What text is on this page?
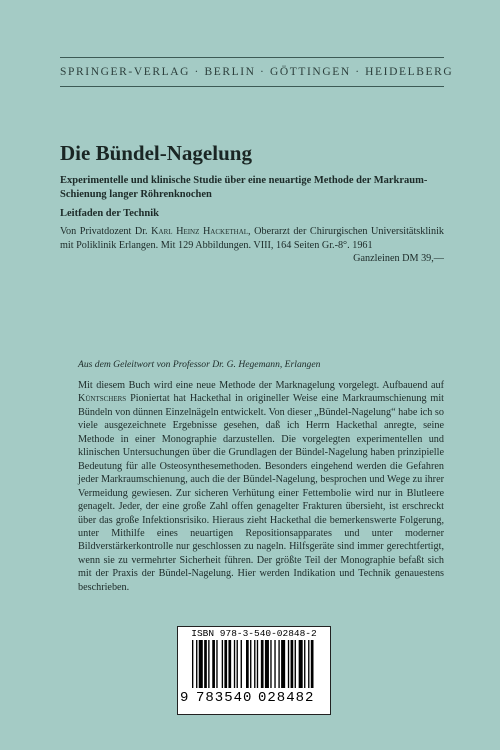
SPRINGER-VERLAG · BERLIN · GÖTTINGEN · HEIDELBERG
Die Bündel-Nagelung
Experimentelle und klinische Studie über eine neuartige Methode der Markraum-Schienung langer Röhrenknochen
Leitfaden der Technik
Von Privatdozent Dr. Karl Heinz Hackethal, Oberarzt der Chirurgischen Universitätsklinik mit Poliklinik Erlangen. Mit 129 Abbildungen. VIII, 164 Seiten Gr.-8°. 1961
Ganzleinen DM 39,—
Aus dem Geleitwort von Professor Dr. G. Hegemann, Erlangen
Mit diesem Buch wird eine neue Methode der Marknagelung vorgelegt. Aufbauend auf Küntschers Pioniertat hat Hackethal in origineller Weise eine Markraumschienung mit Bündeln von dünnen Einzelnägeln entwickelt. Von dieser „Bündel-Nagelung“ habe ich so viele ausgezeichnete Ergebnisse gesehen, daß ich Herrn Hackethal anregte, seine Methode in einer Monographie darzustellen. Die vorgelegten experimentellen und klinischen Untersuchungen über die Grundlagen der Bündel-Nagelung haben prinzipielle Bedeutung für alle Osteosynthesemethoden. Besonders eingehend werden die Gefahren jeder Markraumschienung, auch die der Bündel-Nagelung, besprochen und Wege zu ihrer Vermeidung gewiesen. Zur sicheren Verhütung einer Fettembolie wird nur in Blutleere genagelt. Jeder, der eine große Zahl offen genagelter Frakturen übersieht, ist erschreckt über das große Infektionsrisiko. Hieraus zieht Hackethal die bemerkenswerte Folgerung, unter Mithilfe eines neuartigen Repositionsapparates und unter moderner Bildverstärkerkontrolle nur geschlossen zu nageln. Hilfsgeräte sind immer gerechtfertigt, wenn sie zu vermehrter Sicherheit führen. Der größte Teil der Monographie befaßt sich mit der Praxis der Bündel-Nagelung. Hier werden Indikation und Technik genauestens beschrieben.
ISBN 978-3-540-02848-2
9 783540 028482
